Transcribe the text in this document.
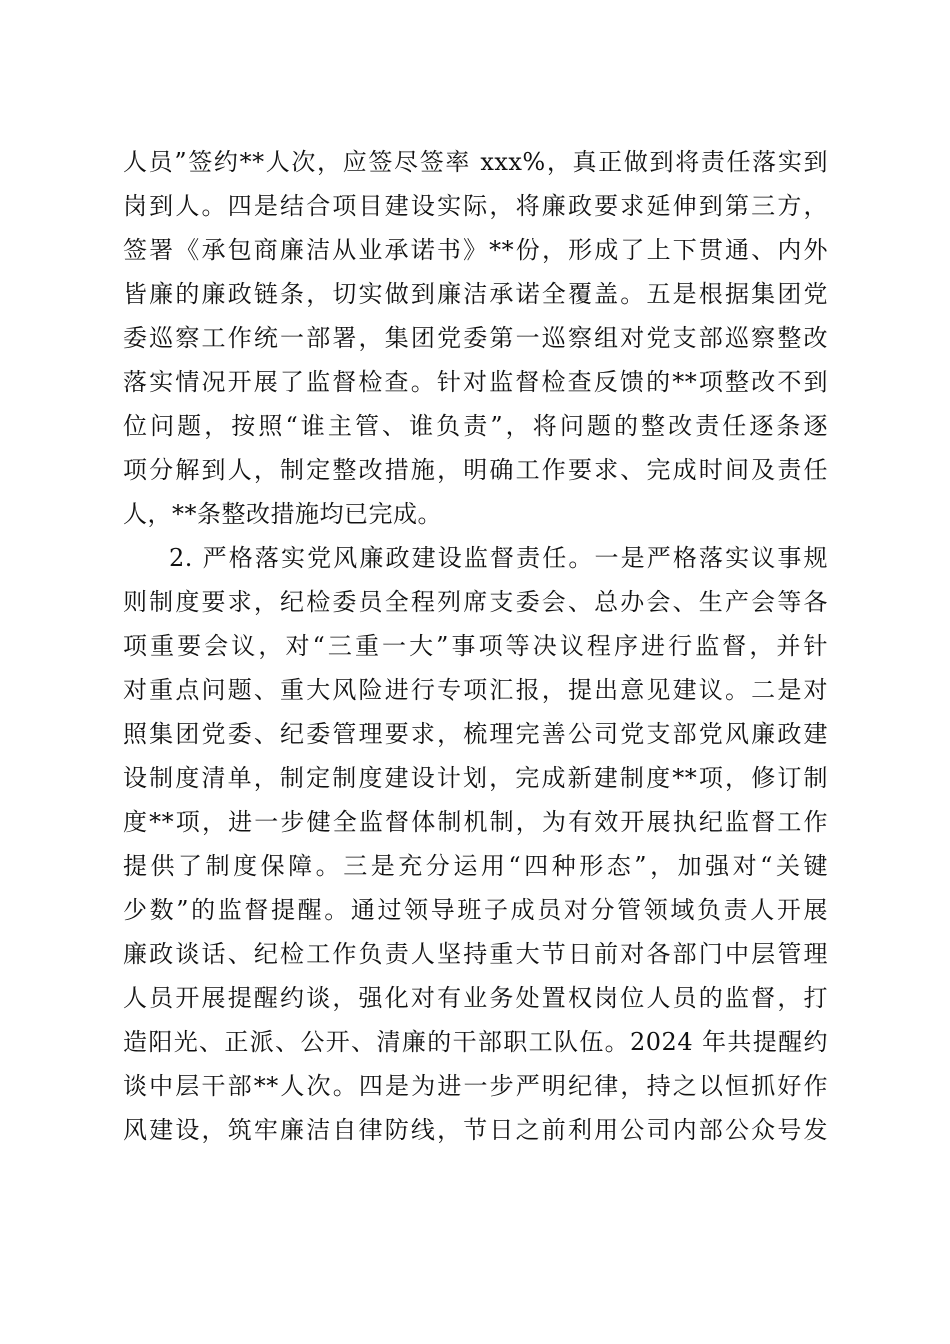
人员”签约**人次，应签尽签率 xxx%，真正做到将责任落实到
岗到人。四是结合项目建设实际，将廉政要求延伸到第三方，
签署《承包商廉洁从业承诺书》**份，形成了上下贯通、内外
皆廉的廉政链条，切实做到廉洁承诺全覆盖。五是根据集团党
委巡察工作统一部署，集团党委第一巡察组对党支部巡察整改
落实情况开展了监督检查。针对监督检查反馈的**项整改不到
位问题，按照“谁主管、谁负责”，将问题的整改责任逐条逐
项分解到人，制定整改措施，明确工作要求、完成时间及责任
人，**条整改措施均已完成。
2. 严格落实党风廉政建设监督责任。一是严格落实议事规
则制度要求，纪检委员全程列席支委会、总办会、生产会等各
项重要会议，对“三重一大”事项等决议程序进行监督，并针
对重点问题、重大风险进行专项汇报，提出意见建议。二是对
照集团党委、纪委管理要求，梳理完善公司党支部党风廉政建
设制度清单，制定制度建设计划，完成新建制度**项，修订制
度**项，进一步健全监督体制机制，为有效开展执纪监督工作
提供了制度保障。三是充分运用“四种形态”，加强对“关键
少数”的监督提醒。通过领导班子成员对分管领域负责人开展
廉政谈话、纪检工作负责人坚持重大节日前对各部门中层管理
人员开展提醒约谈，强化对有业务处置权岗位人员的监督，打
造阳光、正派、公开、清廉的干部职工队伍。2024 年共提醒约
谈中层干部**人次。四是为进一步严明纪律，持之以恒抓好作
风建设，筑牢廉洁自律防线，节日之前利用公司内部公众号发
